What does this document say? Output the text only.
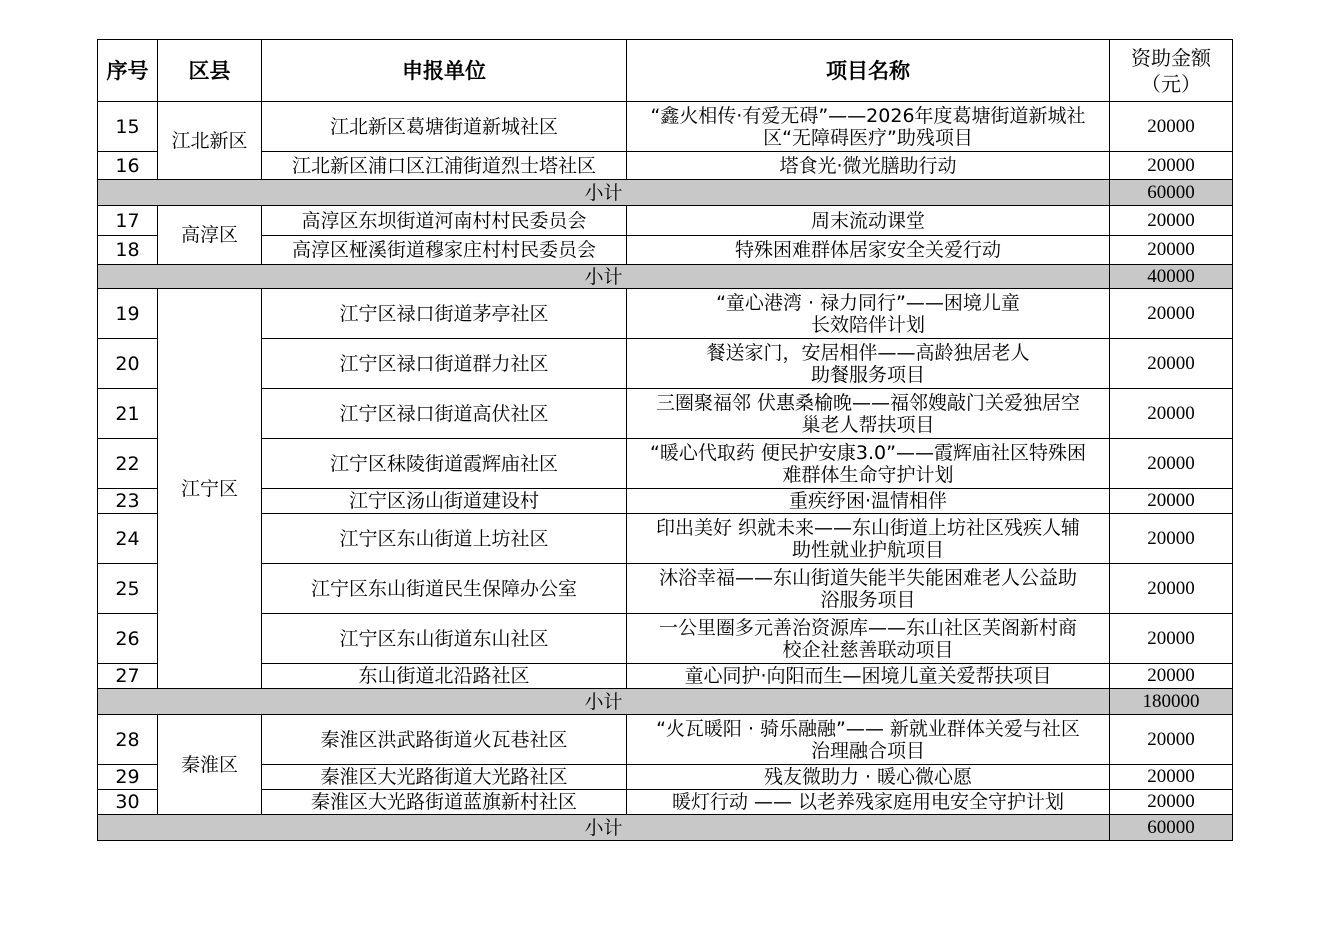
序号	区县	申报单位	项目名称	资助金额
（元）

15	江北新区	江北新区葛塘街道新城社区	“鑫火相传·有爱无碍”——2026年度葛塘街道新城社
区“无障碍医疗”助残项目	20000
16		江北新区浦口区江浦街道烈士塔社区	塔食光·微光膳助行动	20000
小计				60000
17	高淳区	高淳区东坝街道河南村村民委员会	周末流动课堂	20000
18		高淳区桠溪街道穆家庄村村民委员会	特殊困难群体居家安全关爱行动	20000
小计				40000
19	江宁区	江宁区禄口街道茅亭社区	“童心港湾 · 禄力同行”——困境儿童
长效陪伴计划	20000
20		江宁区禄口街道群力社区	餐送家门，安居相伴——高龄独居老人
助餐服务项目	20000
21		江宁区禄口街道高伏社区	三圈聚福邻 伏惠桑榆晚——福邻嫂敲门关爱独居空
巢老人帮扶项目	20000
22		江宁区秣陵街道霞辉庙社区	“暖心代取药 便民护安康3.0”——霞辉庙社区特殊困
难群体生命守护计划	20000
23		江宁区汤山街道建设村	重疾纾困·温情相伴	20000
24		江宁区东山街道上坊社区	印出美好 织就未来——东山街道上坊社区残疾人辅
助性就业护航项目	20000
25		江宁区东山街道民生保障办公室	沐浴幸福——东山街道失能半失能困难老人公益助
浴服务项目	20000
26		江宁区东山街道东山社区	一公里圈多元善治资源库——东山社区芙阁新村商
校企社慈善联动项目	20000
27		东山街道北沿路社区	童心同护·向阳而生—困境儿童关爱帮扶项目	20000
小计				180000
28	秦淮区	秦淮区洪武路街道火瓦巷社区	“火瓦暖阳 · 骑乐融融”—— 新就业群体关爱与社区
治理融合项目	20000
29		秦淮区大光路街道大光路社区	残友微助力 · 暖心微心愿	20000
30		秦淮区大光路街道蓝旗新村社区	暖灯行动 —— 以老养残家庭用电安全守护计划	20000
小计				60000
